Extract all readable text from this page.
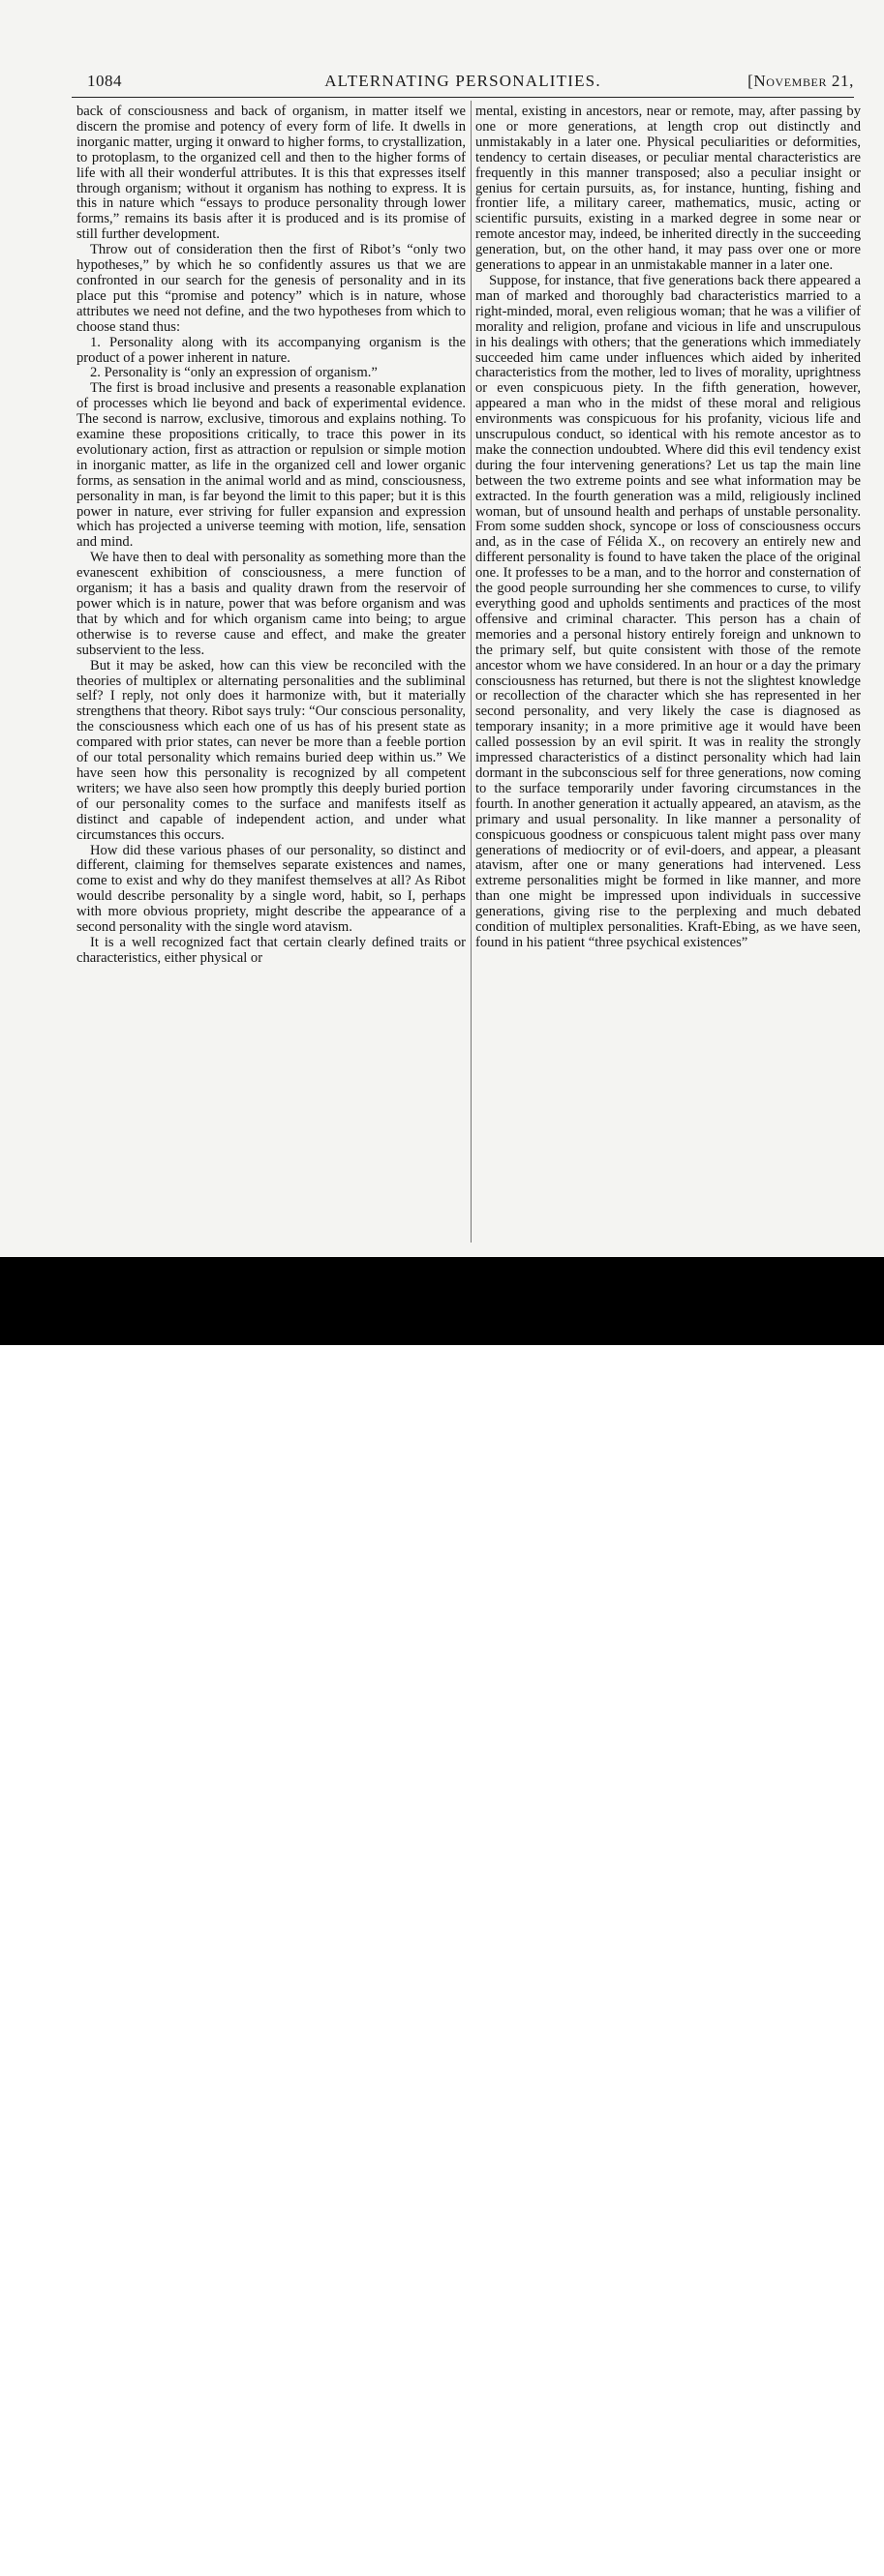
1084	ALTERNATING PERSONALITIES.	[November 21,

back of consciousness and back of organism, in matter itself we discern the promise and potency of every form of life. It dwells in inorganic matter, urging it onward to higher forms, to crystallization, to protoplasm, to the organized cell and then to the higher forms of life with all their wonderful attributes. It is this that expresses itself through organism; without it organism has nothing to express. It is this in nature which “essays to produce personality through lower forms,” remains its basis after it is produced and is its promise of still further development.

Throw out of consideration then the first of Ribot’s “only two hypotheses,” by which he so confidently assures us that we are confronted in our search for the genesis of personality and in its place put this “promise and potency” which is in nature, whose attributes we need not define, and the two hypotheses from which to choose stand thus:

1. Personality along with its accompanying organism is the product of a power inherent in nature.

2. Personality is “only an expression of organism.”

The first is broad inclusive and presents a reasonable explanation of processes which lie beyond and back of experimental evidence. The second is narrow, exclusive, timorous and explains nothing. To examine these propositions critically, to trace this power in its evolutionary action, first as attraction or repulsion or simple motion in inorganic matter, as life in the organized cell and lower organic forms, as sensation in the animal world and as mind, consciousness, personality in man, is far beyond the limit to this paper; but it is this power in nature, ever striving for fuller expansion and expression which has projected a universe teeming with motion, life, sensation and mind.

We have then to deal with personality as something more than the evanescent exhibition of consciousness, a mere function of organism; it has a basis and quality drawn from the reservoir of power which is in nature, power that was before organism and was that by which and for which organism came into being; to argue otherwise is to reverse cause and effect, and make the greater subservient to the less.

But it may be asked, how can this view be reconciled with the theories of multiplex or alternating personalities and the subliminal self? I reply, not only does it harmonize with, but it materially strengthens that theory. Ribot says truly: “Our conscious personality, the consciousness which each one of us has of his present state as compared with prior states, can never be more than a feeble portion of our total personality which remains buried deep within us.” We have seen how this personality is recognized by all competent writers; we have also seen how promptly this deeply buried portion of our personality comes to the surface and manifests itself as distinct and capable of independent action, and under what circumstances this occurs.

How did these various phases of our personality, so distinct and different, claiming for themselves separate existences and names, come to exist and why do they manifest themselves at all? As Ribot would describe personality by a single word, habit, so I, perhaps with more obvious propriety, might describe the appearance of a second personality with the single word atavism.

It is a well recognized fact that certain clearly defined traits or characteristics, either physical or

mental, existing in ancestors, near or remote, may, after passing by one or more generations, at length crop out distinctly and unmistakably in a later one. Physical peculiarities or deformities, tendency to certain diseases, or peculiar mental characteristics are frequently in this manner transposed; also a peculiar insight or genius for certain pursuits, as, for instance, hunting, fishing and frontier life, a military career, mathematics, music, acting or scientific pursuits, existing in a marked degree in some near or remote ancestor may, indeed, be inherited directly in the succeeding generation, but, on the other hand, it may pass over one or more generations to appear in an unmistakable manner in a later one.

Suppose, for instance, that five generations back there appeared a man of marked and thoroughly bad characteristics married to a right-minded, moral, even religious woman; that he was a vilifier of morality and religion, profane and vicious in life and unscrupulous in his dealings with others; that the generations which immediately succeeded him came under influences which aided by inherited characteristics from the mother, led to lives of morality, uprightness or even conspicuous piety. In the fifth generation, however, appeared a man who in the midst of these moral and religious environments was conspicuous for his profanity, vicious life and unscrupulous conduct, so identical with his remote ancestor as to make the connection undoubted. Where did this evil tendency exist during the four intervening generations? Let us tap the main line between the two extreme points and see what information may be extracted. In the fourth generation was a mild, religiously inclined woman, but of unsound health and perhaps of unstable personality. From some sudden shock, syncope or loss of consciousness occurs and, as in the case of Félida X., on recovery an entirely new and different personality is found to have taken the place of the original one. It professes to be a man, and to the horror and consternation of the good people surrounding her she commences to curse, to vilify everything good and upholds sentiments and practices of the most offensive and criminal character. This person has a chain of memories and a personal history entirely foreign and unknown to the primary self, but quite consistent with those of the remote ancestor whom we have considered. In an hour or a day the primary consciousness has returned, but there is not the slightest knowledge or recollection of the character which she has represented in her second personality, and very likely the case is diagnosed as temporary insanity; in a more primitive age it would have been called possession by an evil spirit. It was in reality the strongly impressed characteristics of a distinct personality which had lain dormant in the subconscious self for three generations, now coming to the surface temporarily under favoring circumstances in the fourth. In another generation it actually appeared, an atavism, as the primary and usual personality. In like manner a personality of conspicuous goodness or conspicuous talent might pass over many generations of mediocrity or of evil-doers, and appear, a pleasant atavism, after one or many generations had intervened. Less extreme personalities might be formed in like manner, and more than one might be impressed upon individuals in successive generations, giving rise to the perplexing and much debated condition of multiplex personalities. Kraft-Ebing, as we have seen, found in his patient “three psychical existences”

alamy	3AR5181
www.alamy.com
